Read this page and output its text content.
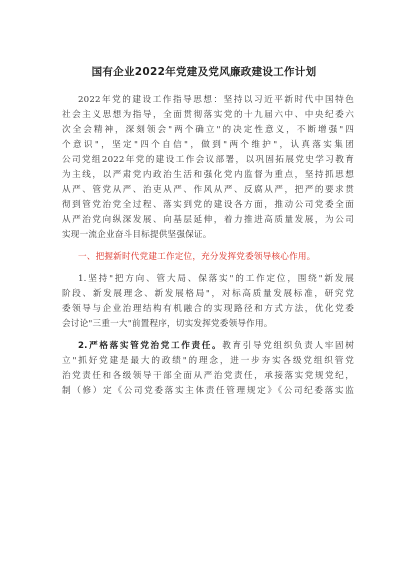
国有企业2022年党建及党风廉政建设工作计划
2022年党的建设工作指导思想：坚持以习近平新时代中国特色
社会主义思想为指导，全面贯彻落实党的十九届六中、中央纪委六
次全会精神，深刻领会"两个确立"的决定性意义，不断增强"四
个意识"，坚定"四个自信"，做到"两个维护"，认真落实集团
公司党组2022年党的建设工作会议部署，以巩固拓展党史学习教育
为主线，以严肃党内政治生活和强化党内监督为重点，坚持抓思想
从严、管党从严、治吏从严、作风从严、反腐从严，把严的要求贯
彻到管党治党全过程、落实到党的建设各方面，推动公司党委全面
从严治党向纵深发展、向基层延伸，着力推进高质量发展，为公司
实现一流企业奋斗目标提供坚强保证。
一、把握新时代党建工作定位，充分发挥党委领导核心作用。
1.坚持"把方向、管大局、保落实"的工作定位，围绕"新发展
阶段、新发展理念、新发展格局"，对标高质量发展标准，研究党
委领导与企业治理结构有机融合的实现路径和方式方法，优化党委
会讨论"三重一大"前置程序，切实发挥党委领导作用。
2.严格落实管党治党工作责任。教育引导党组织负责人牢固树
立"抓好党建是最大的政绩"的理念，进一步夯实各级党组织管党
治党责任和各级领导干部全面从严治党责任，承接落实党规党纪，
制（修）定《公司党委落实主体责任管理规定》《公司纪委落实监
